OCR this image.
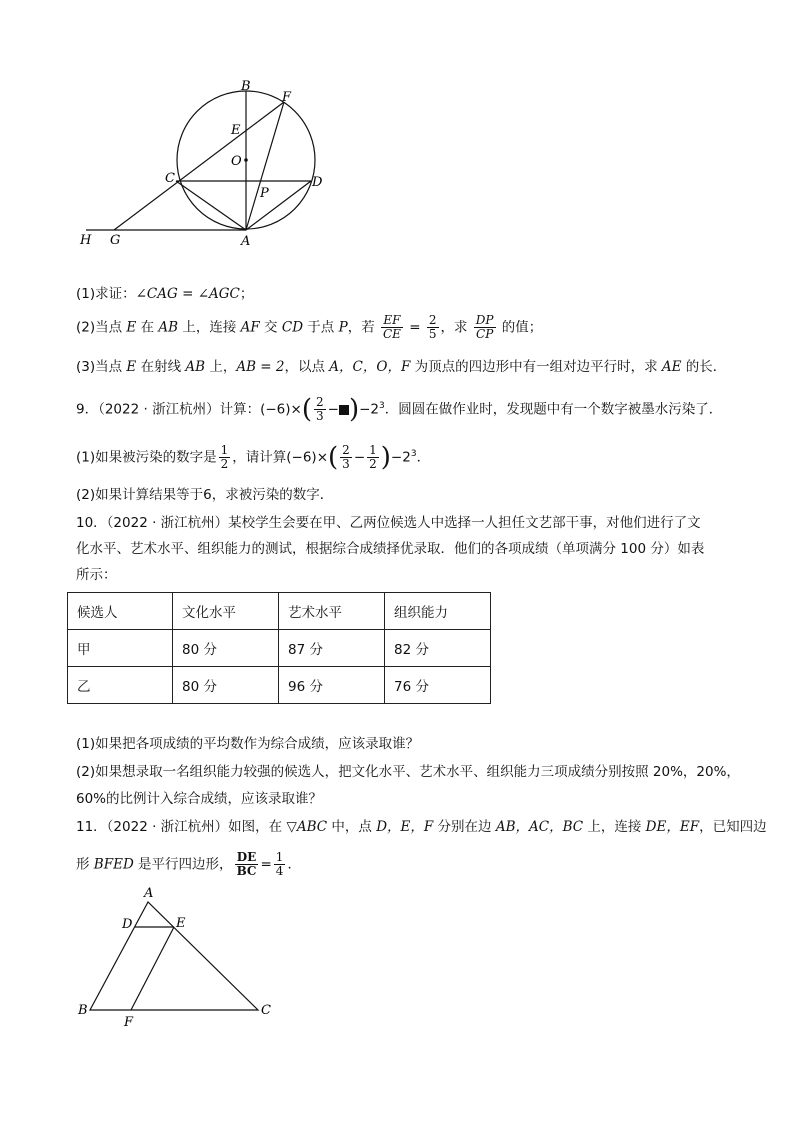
B
F
E
O
C	D
P
H G	A
(1)求证：∠CAG = ∠AGC；
(2)当点 E 在 AB 上，连接 AF 交 CD 于点 P，若 $\frac{EF}{CE} = \frac{2}{5}$ ，求 $\frac{DP}{CP}$ 的值；
(3)当点 E 在射线 AB 上，AB = 2，以点 A，C，O，F 为顶点的四边形中有一组对边平行时，求 AE 的长．
9．（2022 · 浙江杭州）计算：$(-6)\times( \frac{2}{3} - )-2^3$．圆圆在做作业时，发现题中有一个数字被墨水污染了．
(1)如果被污染的数字是 $\frac{1}{2}$ ，请计算$(-6)\times( \frac{2}{3} - \frac{1}{2} )-2^3$．
(2)如果计算结果等于6，求被污染的数字．
10．（2022 · 浙江杭州）某校学生会要在甲、乙两位候选人中选择一人担任文艺部干事，对他们进行了文
化水平、艺术水平、组织能力的测试，根据综合成绩择优录取．他们的各项成绩（单项满分 100 分）如表
所示：
候选人	文化水平	艺术水平	组织能力
甲	80 分	87 分	82 分
乙	80 分	96 分	76 分
(1)如果把各项成绩的平均数作为综合成绩，应该录取谁？
(2)如果想录取一名组织能力较强的候选人，把文化水平、艺术水平、组织能力三项成绩分别按照 20%，20%，
60%的比例计入综合成绩，应该录取谁？
11．（2022 · 浙江杭州）如图，在 ▽ABC 中，点 D，E，F 分别在边 AB，AC，BC 上，连接 DE，EF，已知四边
形 BFED 是平行四边形， $\frac{DE}{BC} = \frac{1}{4}$ ．
A
D	E
B
F
C
